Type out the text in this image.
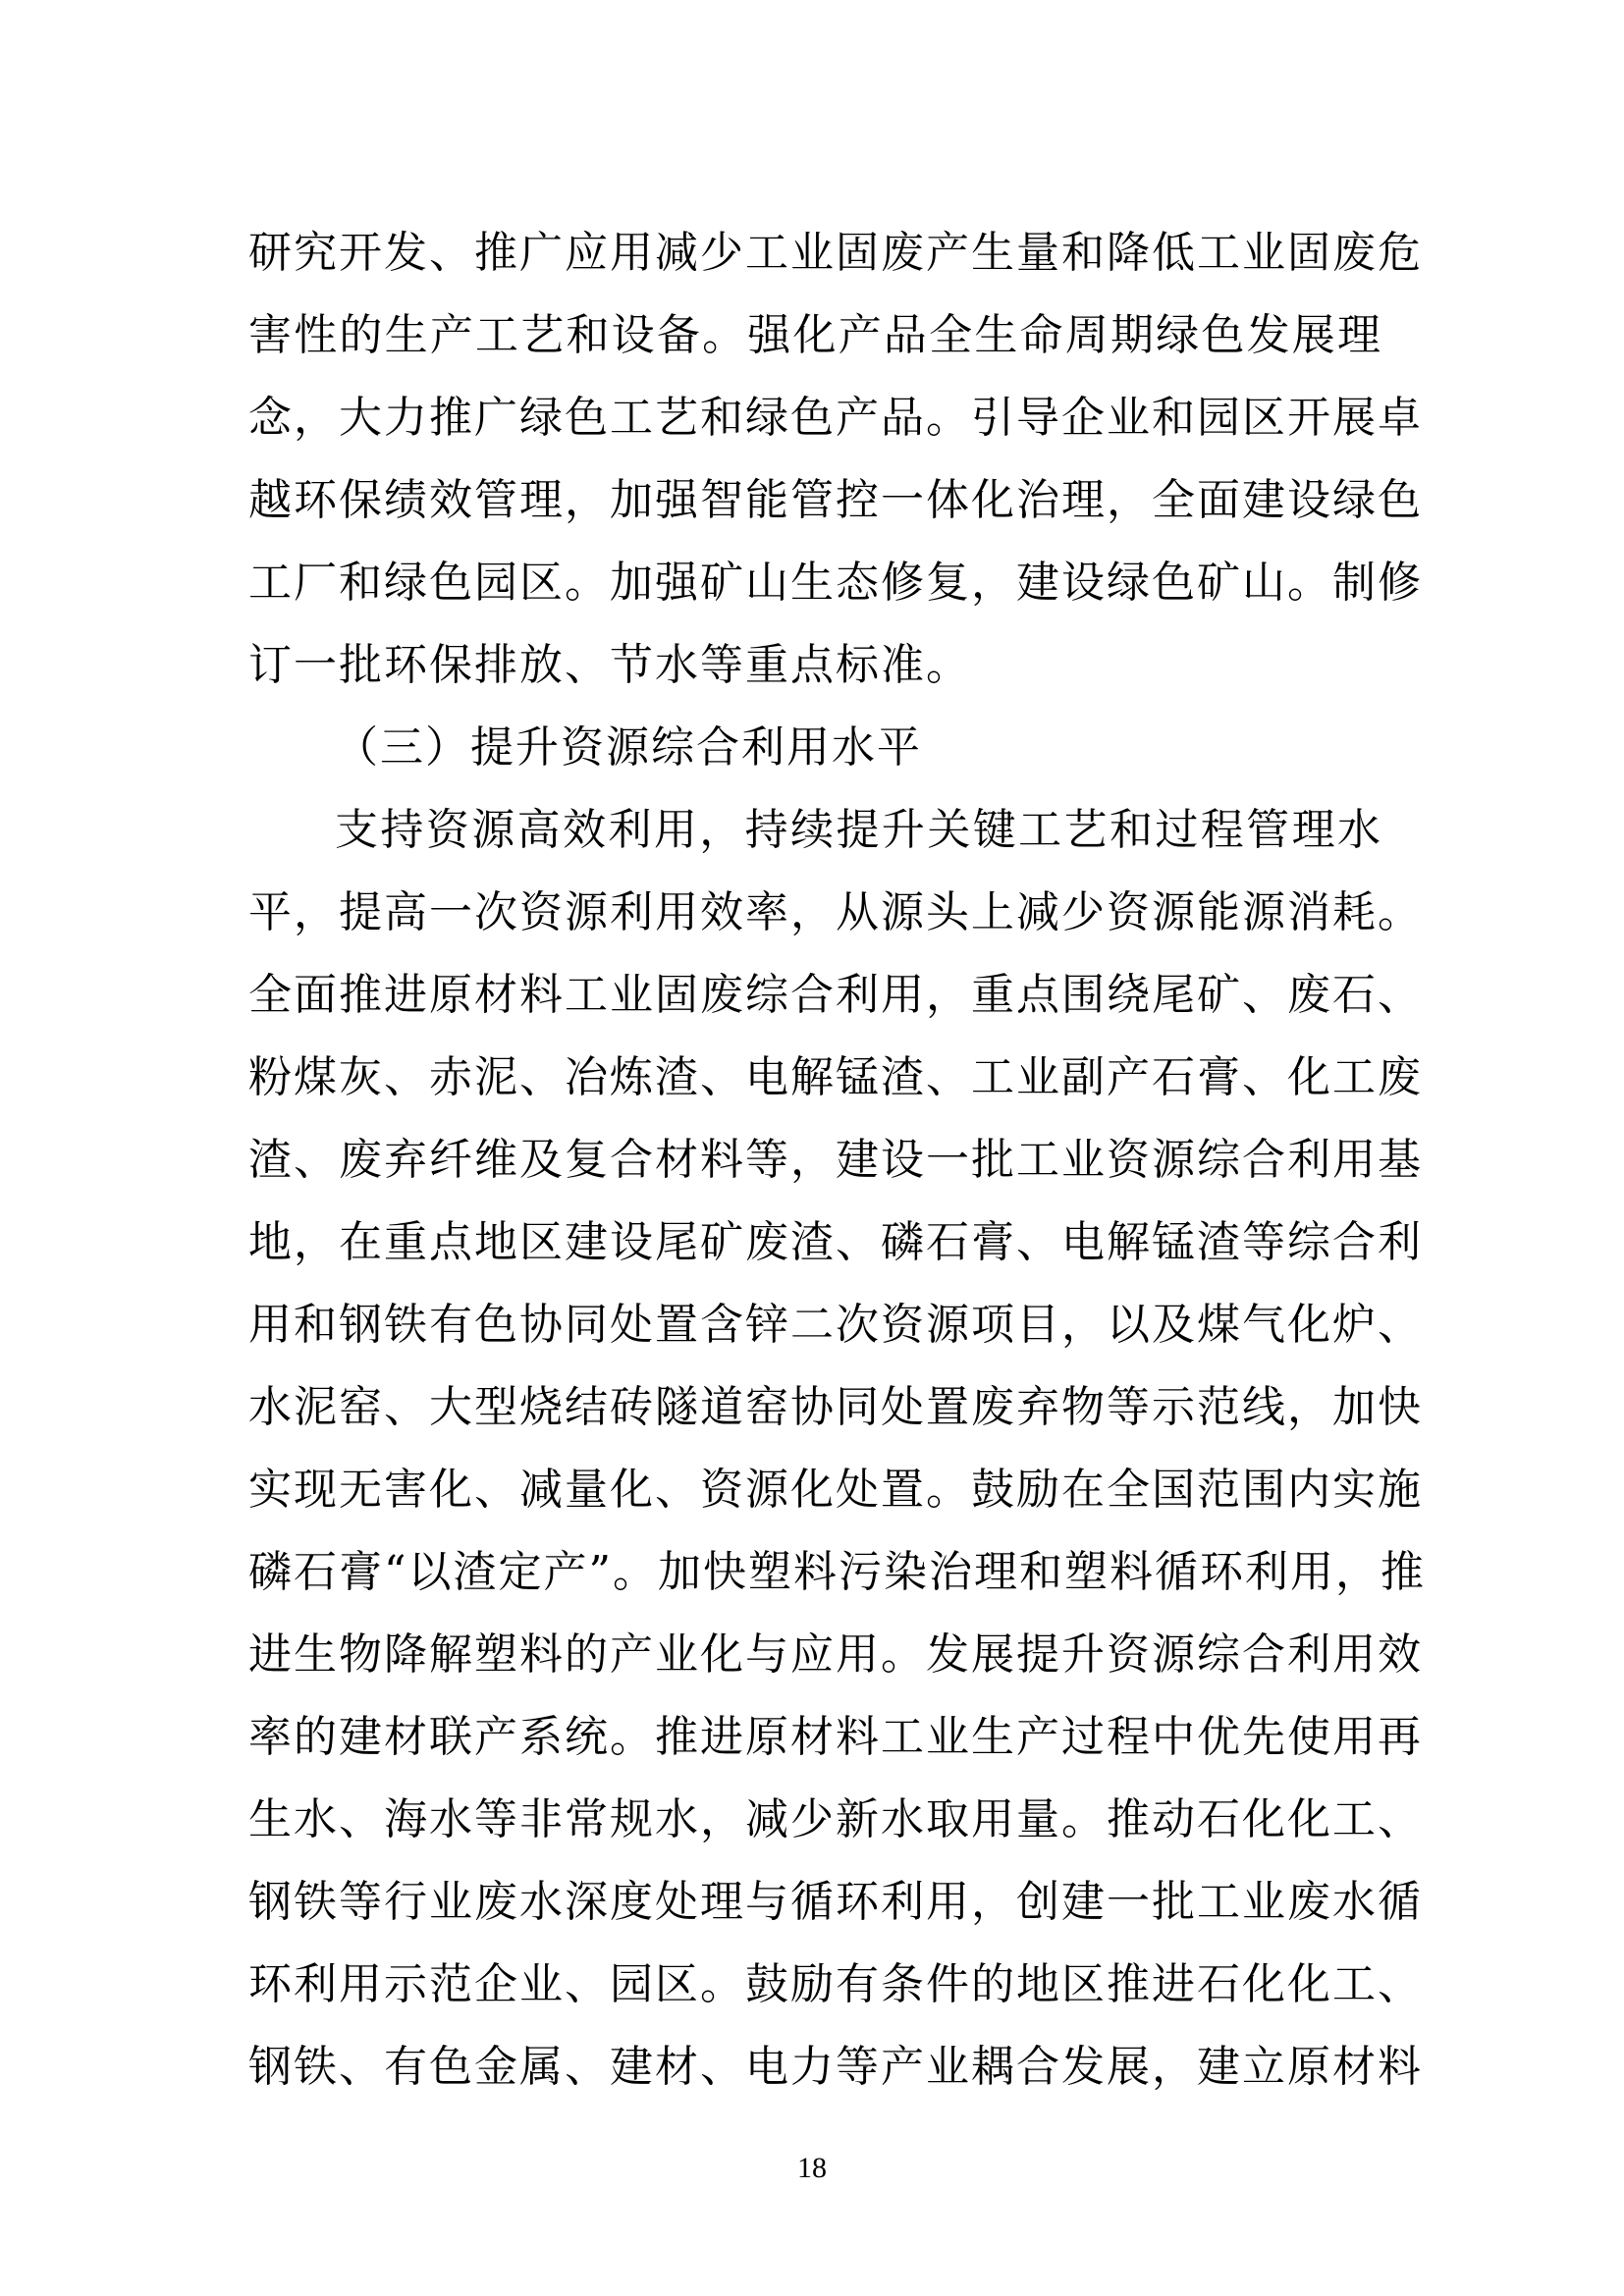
研究开发、推广应用减少工业固废产生量和降低工业固废危
害性的生产工艺和设备。强化产品全生命周期绿色发展理
念，大力推广绿色工艺和绿色产品。引导企业和园区开展卓
越环保绩效管理，加强智能管控一体化治理，全面建设绿色
工厂和绿色园区。加强矿山生态修复，建设绿色矿山。制修
订一批环保排放、节水等重点标准。
（三）提升资源综合利用水平
支持资源高效利用，持续提升关键工艺和过程管理水
平，提高一次资源利用效率，从源头上减少资源能源消耗。
全面推进原材料工业固废综合利用，重点围绕尾矿、废石、
粉煤灰、赤泥、冶炼渣、电解锰渣、工业副产石膏、化工废
渣、废弃纤维及复合材料等，建设一批工业资源综合利用基
地，在重点地区建设尾矿废渣、磷石膏、电解锰渣等综合利
用和钢铁有色协同处置含锌二次资源项目，以及煤气化炉、
水泥窑、大型烧结砖隧道窑协同处置废弃物等示范线，加快
实现无害化、减量化、资源化处置。鼓励在全国范围内实施
磷石膏“以渣定产”。加快塑料污染治理和塑料循环利用，推
进生物降解塑料的产业化与应用。发展提升资源综合利用效
率的建材联产系统。推进原材料工业生产过程中优先使用再
生水、海水等非常规水，减少新水取用量。推动石化化工、
钢铁等行业废水深度处理与循环利用，创建一批工业废水循
环利用示范企业、园区。鼓励有条件的地区推进石化化工、
钢铁、有色金属、建材、电力等产业耦合发展，建立原材料
18
